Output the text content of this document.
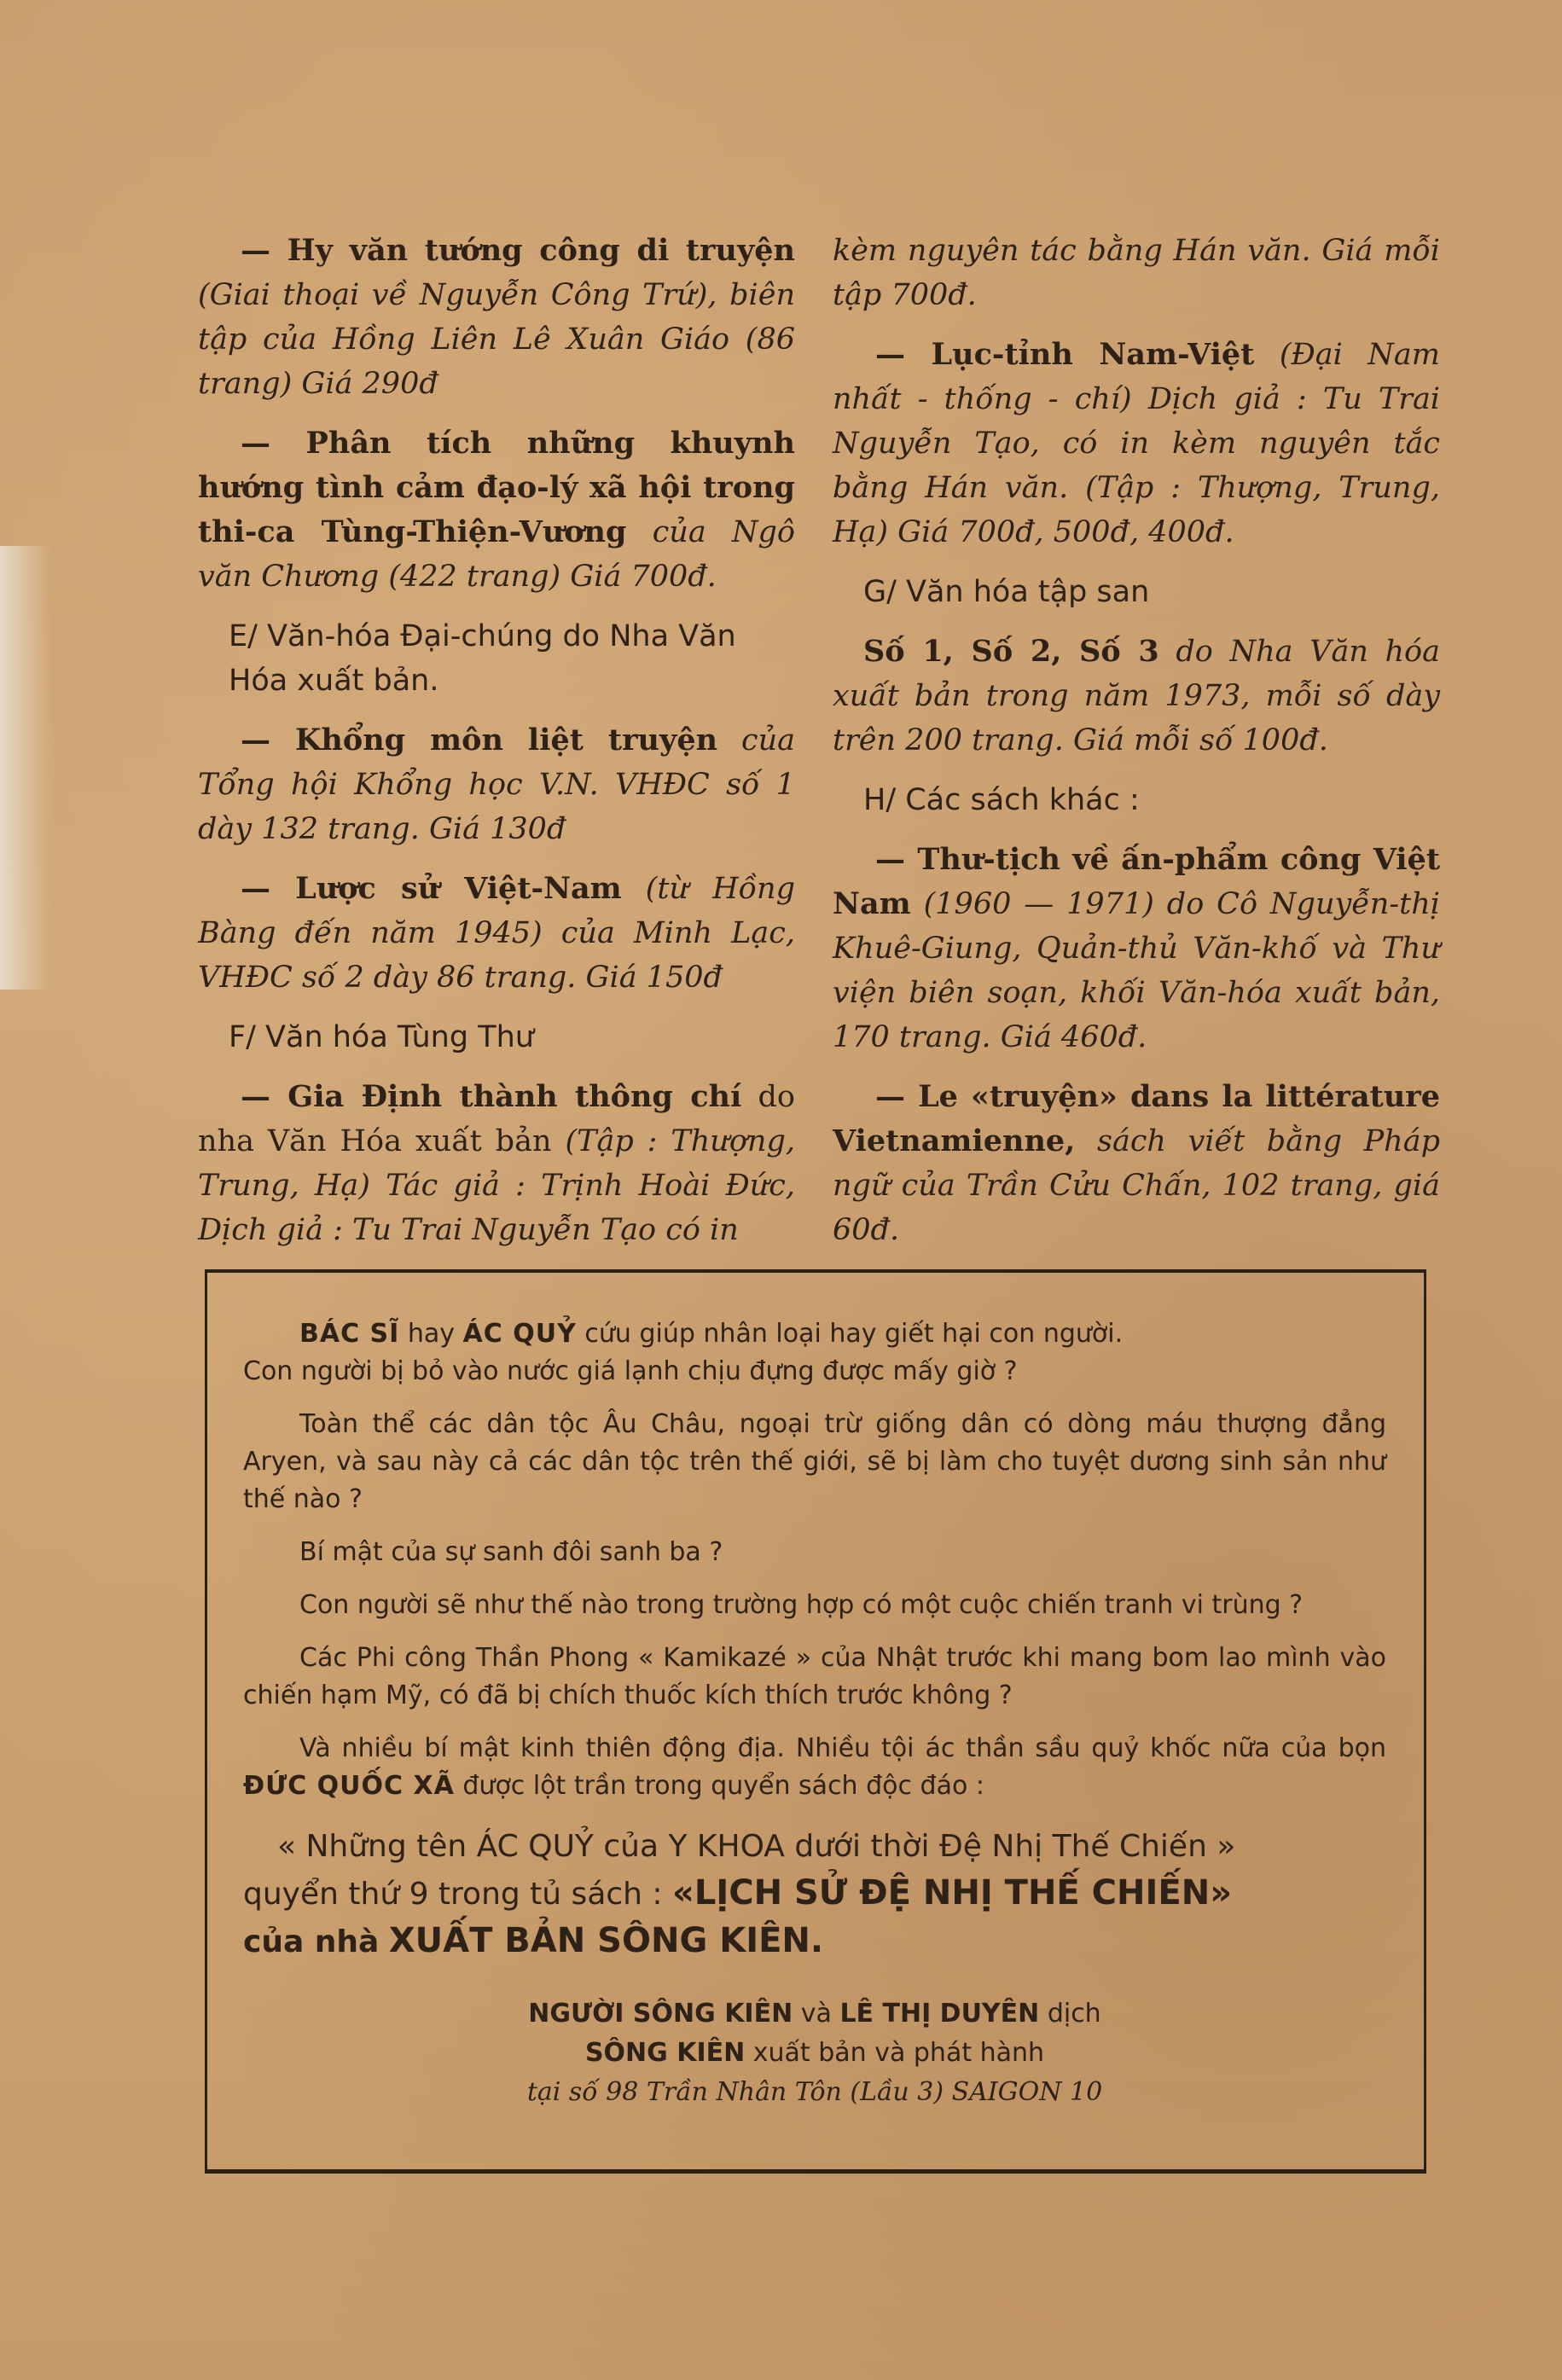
— Hy văn tướng công di truyện (Giai thoại về Nguyễn Công Trứ), biên tập của Hồng Liên Lê Xuân Giáo (86 trang) Giá 290đ

— Phân tích những khuynh hướng tình cảm đạo-lý xã hội trong thi-ca Tùng-Thiện-Vương của Ngô văn Chương (422 trang) Giá 700đ.

E/ Văn-hóa Đại-chúng do Nha Văn Hóa xuất bản.

— Khổng môn liệt truyện của Tổng hội Khổng học V.N. VHĐC số 1 dày 132 trang. Giá 130đ

— Lược sử Việt-Nam (từ Hồng Bàng đến năm 1945) của Minh Lạc, VHĐC số 2 dày 86 trang. Giá 150đ

F/ Văn hóa Tùng Thư

— Gia Định thành thông chí do nha Văn Hóa xuất bản (Tập : Thượng, Trung, Hạ) Tác giả : Trịnh Hoài Đức, Dịch giả : Tu Trai Nguyễn Tạo có in

kèm nguyên tác bằng Hán văn. Giá mỗi tập 700đ.

— Lục-tỉnh Nam-Việt (Đại Nam nhất - thống - chí) Dịch giả : Tu Trai Nguyễn Tạo, có in kèm nguyên tắc bằng Hán văn. (Tập : Thượng, Trung, Hạ) Giá 700đ, 500đ, 400đ.

G/ Văn hóa tập san

Số 1, Số 2, Số 3 do Nha Văn hóa xuất bản trong năm 1973, mỗi số dày trên 200 trang. Giá mỗi số 100đ.

H/ Các sách khác :

— Thư-tịch về ấn-phẩm công Việt Nam (1960 — 1971) do Cô Nguyễn-thị Khuê-Giung, Quản-thủ Văn-khố và Thư viện biên soạn, khối Văn-hóa xuất bản, 170 trang. Giá 460đ.

— Le «truyện» dans la littérature Vietnamienne, sách viết bằng Pháp ngữ của Trần Cửu Chấn, 102 trang, giá 60đ.

BÁC SĨ hay ÁC QUỶ cứu giúp nhân loại hay giết hại con người.
Con người bị bỏ vào nước giá lạnh chịu đựng được mấy giờ ?

Toàn thể các dân tộc Âu Châu, ngoại trừ giống dân có dòng máu thượng đẳng Aryen, và sau này cả các dân tộc trên thế giới, sẽ bị làm cho tuyệt dương sinh sản như thế nào ?

Bí mật của sự sanh đôi sanh ba ?

Con người sẽ như thế nào trong trường hợp có một cuộc chiến tranh vi trùng ?

Các Phi công Thần Phong « Kamikazé » của Nhật trước khi mang bom lao mình vào chiến hạm Mỹ, có đã bị chích thuốc kích thích trước không ?

Và nhiều bí mật kinh thiên động địa. Nhiều tội ác thần sầu quỷ khốc nữa của bọn ĐỨC QUỐC XÃ được lột trần trong quyển sách độc đáo :

« Những tên ÁC QUỶ của Y KHOA dưới thời Đệ Nhị Thế Chiến »
quyển thứ 9 trong tủ sách : «LỊCH SỬ ĐỆ NHỊ THẾ CHIẾN»
của nhà XUẤT BẢN SÔNG KIÊN.

NGƯỜI SÔNG KIÊN và LÊ THỊ DUYÊN dịch
SÔNG KIÊN xuất bản và phát hành
tại số 98 Trần Nhân Tôn (Lầu 3) SAIGON 10
